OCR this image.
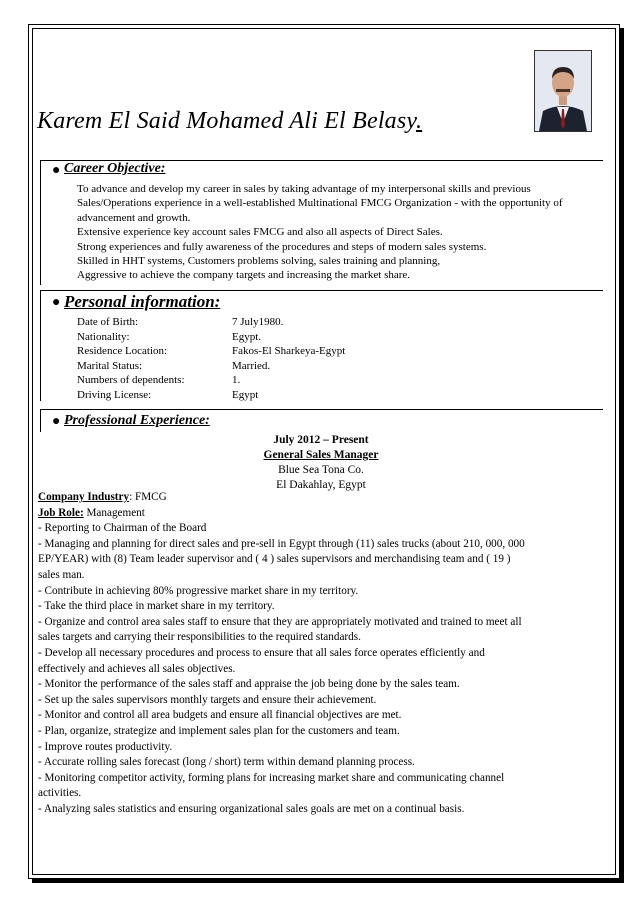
Karem El Said Mohamed Ali El Belasy.
● Career Objective:
To advance and develop my career in sales by taking advantage of my interpersonal skills and previous
Sales/Operations experience in a well-established Multinational FMCG Organization - with the opportunity of
advancement and growth.
Extensive experience key account sales FMCG and also all aspects of Direct Sales.
Strong experiences and fully awareness of the procedures and steps of modern sales systems.
Skilled in HHT systems, Customers problems solving, sales training and planning,
Aggressive to achieve the company targets and increasing the market share.
● Personal information:
Date of Birth:	7 July1980.
Nationality:	Egypt.
Residence Location:	Fakos-El Sharkeya-Egypt
Marital Status:	Married.
Numbers of dependents:	1.
Driving License:	Egypt
● Professional Experience:
July 2012 – Present
General Sales Manager
Blue Sea Tona Co.
El Dakahlay, Egypt
Company Industry: FMCG
Job Role: Management
- Reporting to Chairman of the Board
- Managing and planning for direct sales and pre-sell in Egypt through (11) sales trucks (about 210, 000, 000
EP/YEAR) with (8) Team leader supervisor and ( 4 ) sales supervisors and merchandising team and ( 19 )
sales man.
- Contribute in achieving 80% progressive market share in my territory.
- Take the third place in market share in my territory.
- Organize and control area sales staff to ensure that they are appropriately motivated and trained to meet all
sales targets and carrying their responsibilities to the required standards.
- Develop all necessary procedures and process to ensure that all sales force operates efficiently and
effectively and achieves all sales objectives.
- Monitor the performance of the sales staff and appraise the job being done by the sales team.
- Set up the sales supervisors monthly targets and ensure their achievement.
- Monitor and control all area budgets and ensure all financial objectives are met.
- Plan, organize, strategize and implement sales plan for the customers and team.
- Improve routes productivity.
- Accurate rolling sales forecast (long / short) term within demand planning process.
- Monitoring competitor activity, forming plans for increasing market share and communicating channel
activities.
- Analyzing sales statistics and ensuring organizational sales goals are met on a continual basis.
